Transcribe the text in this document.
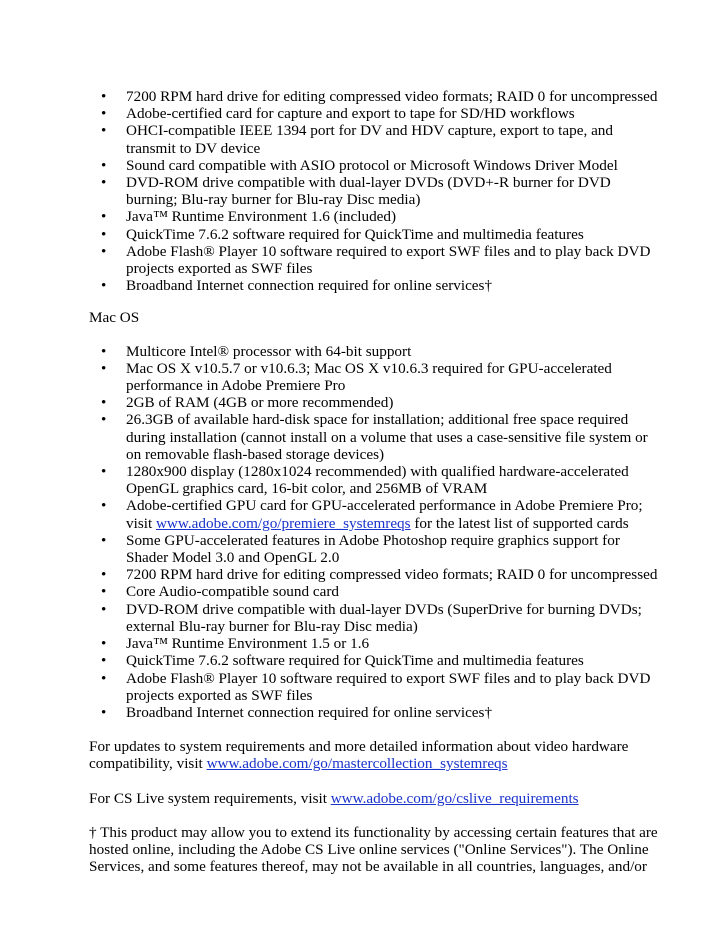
• 7200 RPM hard drive for editing compressed video formats; RAID 0 for uncompressed
• Adobe-certified card for capture and export to tape for SD/HD workflows
• OHCI-compatible IEEE 1394 port for DV and HDV capture, export to tape, and transmit to DV device
• Sound card compatible with ASIO protocol or Microsoft Windows Driver Model
• DVD-ROM drive compatible with dual-layer DVDs (DVD+-R burner for DVD burning; Blu-ray burner for Blu-ray Disc media)
• Java™ Runtime Environment 1.6 (included)
• QuickTime 7.6.2 software required for QuickTime and multimedia features
• Adobe Flash® Player 10 software required to export SWF files and to play back DVD projects exported as SWF files
• Broadband Internet connection required for online services†
Mac OS
• Multicore Intel® processor with 64-bit support
• Mac OS X v10.5.7 or v10.6.3; Mac OS X v10.6.3 required for GPU-accelerated performance in Adobe Premiere Pro
• 2GB of RAM (4GB or more recommended)
• 26.3GB of available hard-disk space for installation; additional free space required during installation (cannot install on a volume that uses a case-sensitive file system or on removable flash-based storage devices)
• 1280x900 display (1280x1024 recommended) with qualified hardware-accelerated OpenGL graphics card, 16-bit color, and 256MB of VRAM
• Adobe-certified GPU card for GPU-accelerated performance in Adobe Premiere Pro; visit www.adobe.com/go/premiere_systemreqs for the latest list of supported cards
• Some GPU-accelerated features in Adobe Photoshop require graphics support for Shader Model 3.0 and OpenGL 2.0
• 7200 RPM hard drive for editing compressed video formats; RAID 0 for uncompressed
• Core Audio-compatible sound card
• DVD-ROM drive compatible with dual-layer DVDs (SuperDrive for burning DVDs; external Blu-ray burner for Blu-ray Disc media)
• Java™ Runtime Environment 1.5 or 1.6
• QuickTime 7.6.2 software required for QuickTime and multimedia features
• Adobe Flash® Player 10 software required to export SWF files and to play back DVD projects exported as SWF files
• Broadband Internet connection required for online services†

For updates to system requirements and more detailed information about video hardware compatibility, visit www.adobe.com/go/mastercollection_systemreqs

For CS Live system requirements, visit www.adobe.com/go/cslive_requirements

† This product may allow you to extend its functionality by accessing certain features that are hosted online, including the Adobe CS Live online services ("Online Services"). The Online Services, and some features thereof, may not be available in all countries, languages, and/or
